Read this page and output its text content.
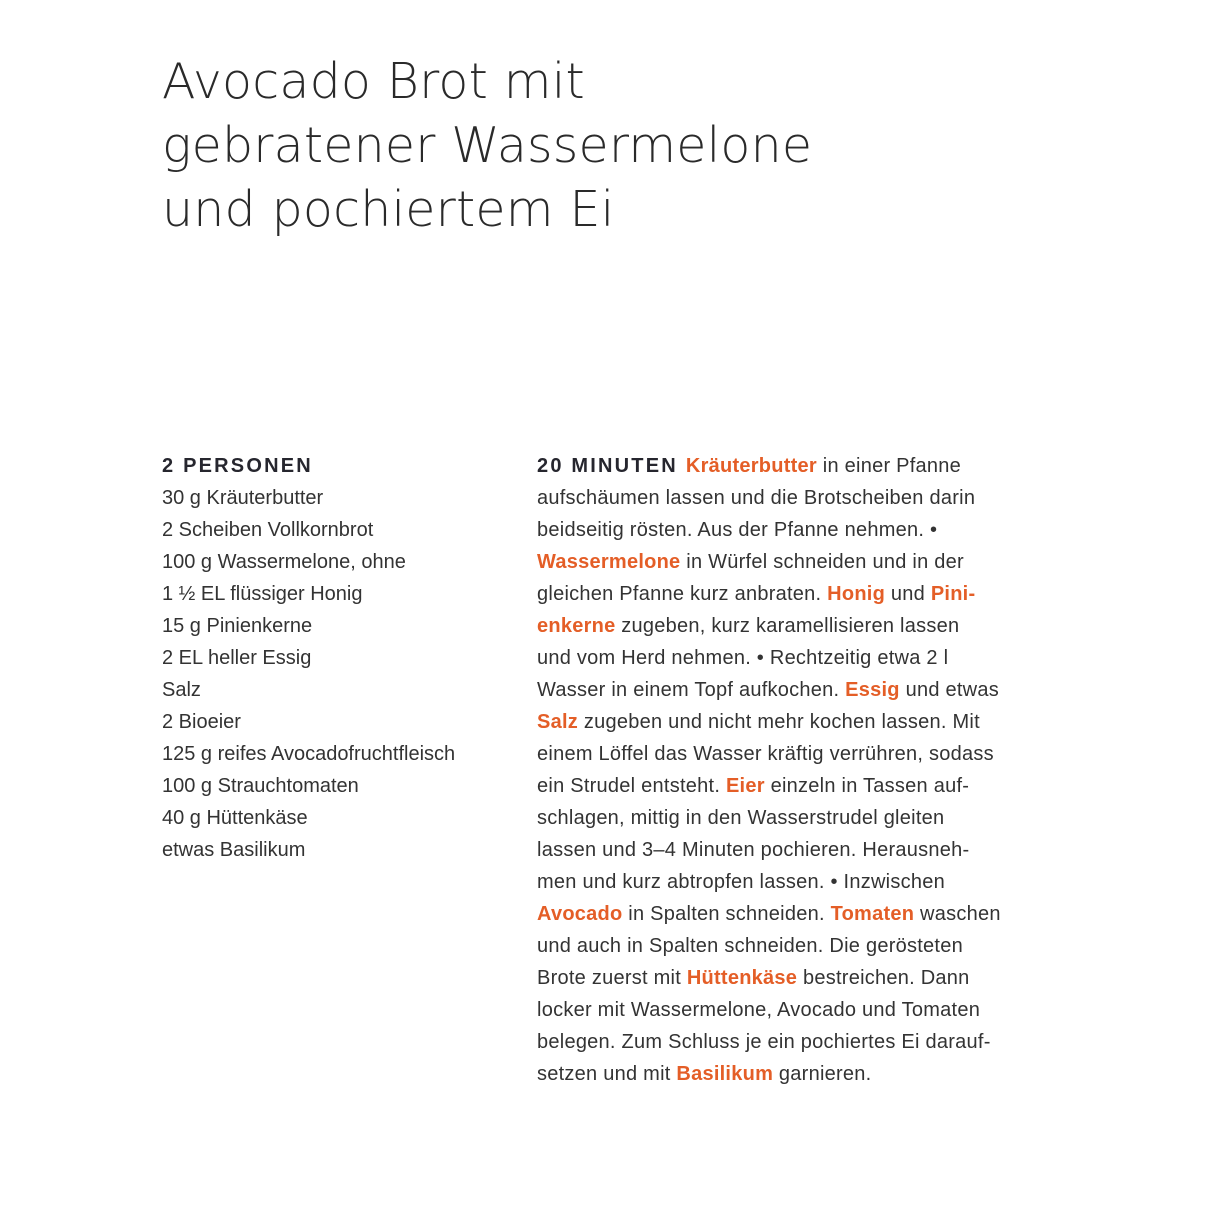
Avocado Brot mit
gebratener Wassermelone
und pochiertem Ei
2 PERSONEN
30 g Kräuterbutter
2 Scheiben Vollkornbrot
100 g Wassermelone, ohne
1 ½ EL flüssiger Honig
15 g Pinienkerne
2 EL heller Essig
Salz
2 Bioeier
125 g reifes Avocadofruchtfleisch
100 g Strauchtomaten
40 g Hüttenkäse
etwas Basilikum
20 MINUTEN Kräuterbutter in einer Pfanne
aufschäumen lassen und die Brotscheiben darin
beidseitig rösten. Aus der Pfanne nehmen. •
Wassermelone in Würfel schneiden und in der
gleichen Pfanne kurz anbraten. Honig und Pini-
enkerne zugeben, kurz karamellisieren lassen
und vom Herd nehmen. • Rechtzeitig etwa 2 l
Wasser in einem Topf aufkochen. Essig und etwas
Salz zugeben und nicht mehr kochen lassen. Mit
einem Löffel das Wasser kräftig verrühren, sodass
ein Strudel entsteht. Eier einzeln in Tassen auf-
schlagen, mittig in den Wasserstrudel gleiten
lassen und 3–4 Minuten pochieren. Herausneh-
men und kurz abtropfen lassen. • Inzwischen
Avocado in Spalten schneiden. Tomaten waschen
und auch in Spalten schneiden. Die gerösteten
Brote zuerst mit Hüttenkäse bestreichen. Dann
locker mit Wassermelone, Avocado und Tomaten
belegen. Zum Schluss je ein pochiertes Ei darauf-
setzen und mit Basilikum garnieren.
